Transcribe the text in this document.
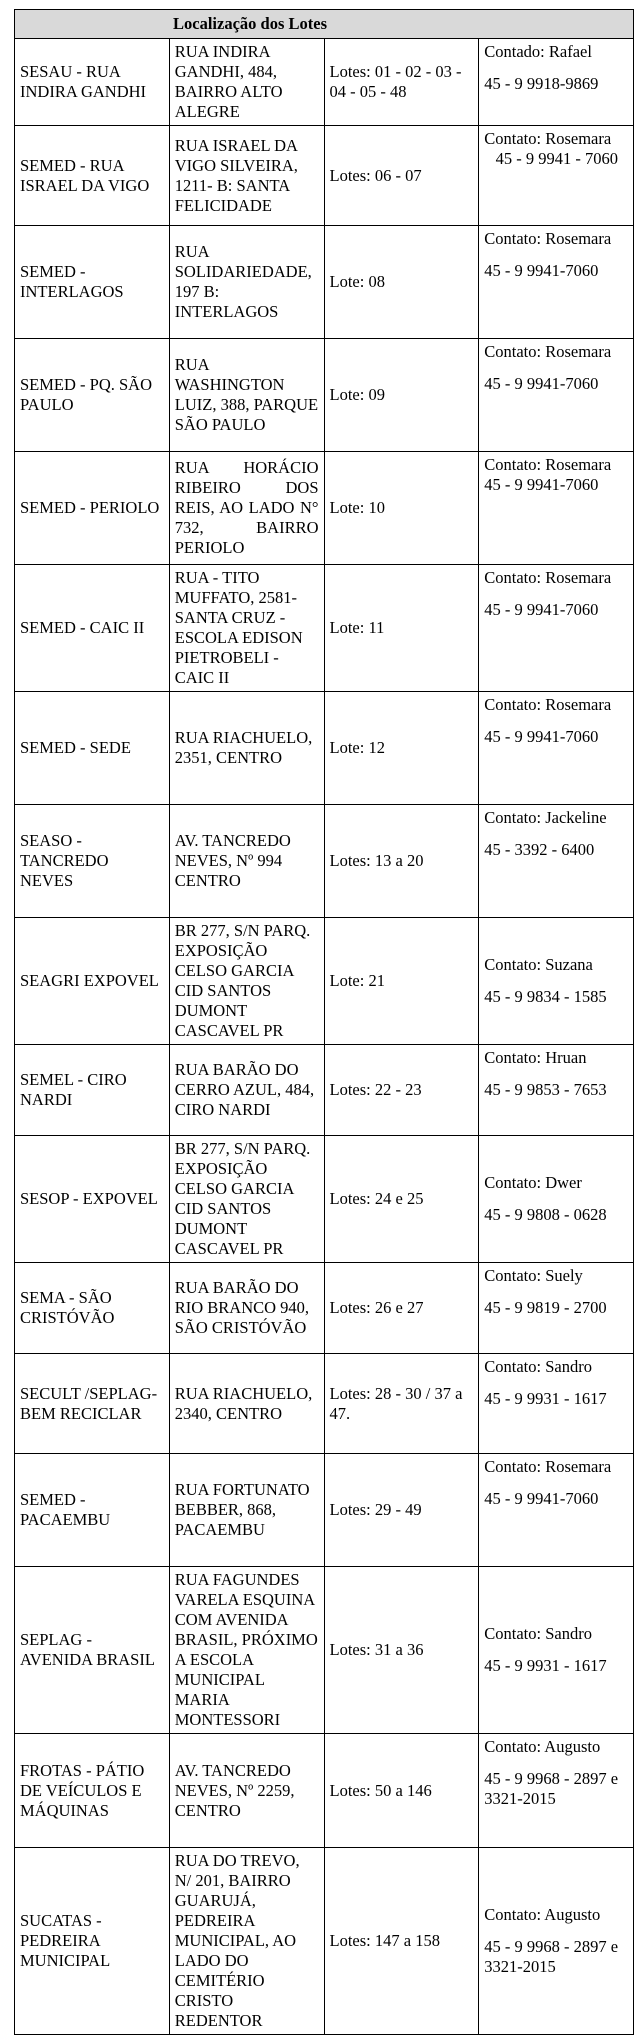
Localização dos Lotes			
SESAU - RUA INDIRA GANDHI	RUA INDIRA GANDHI, 484, BAIRRO ALTO ALEGRE	Lotes: 01 - 02 - 03 - 04 - 05 - 48	Contado: Rafael
45 - 9 9918-9869

SEMED - RUA ISRAEL DA VIGO	RUA ISRAEL DA VIGO SILVEIRA, 1211- B: SANTA FELICIDADE	Lotes: 06 - 07	Contato: Rosemara
45 - 9 9941 - 7060

SEMED - INTERLAGOS	RUA SOLIDARIEDADE, 197 B: INTERLAGOS	Lote: 08	Contato: Rosemara
45 - 9 9941-7060

SEMED - PQ. SÃO PAULO	RUA WASHINGTON LUIZ, 388, PARQUE SÃO PAULO	Lote: 09	Contato: Rosemara
45 - 9 9941-7060

SEMED - PERIOLO	RUA HORÁCIO RIBEIRO DOS REIS, AO LADO N° 732, BAIRRO PERIOLO	Lote: 10	Contato: Rosemara
45 - 9 9941-7060

SEMED - CAIC II	RUA - TITO MUFFATO, 2581- SANTA CRUZ - ESCOLA EDISON PIETROBELI - CAIC II	Lote: 11	Contato: Rosemara
45 - 9 9941-7060

SEMED - SEDE	RUA RIACHUELO, 2351, CENTRO	Lote: 12	Contato: Rosemara
45 - 9 9941-7060

SEASO - TANCREDO NEVES	AV. TANCREDO NEVES, Nº 994 CENTRO	Lotes: 13 a 20	Contato: Jackeline
45 - 3392 - 6400

SEAGRI EXPOVEL	BR 277, S/N PARQ. EXPOSIÇÃO CELSO GARCIA CID SANTOS DUMONT CASCAVEL PR	Lote: 21	Contato: Suzana
45 - 9 9834 - 1585

SEMEL - CIRO NARDI	RUA BARÃO DO CERRO AZUL, 484, CIRO NARDI	Lotes: 22 - 23	Contato: Hruan
45 - 9 9853 - 7653

SESOP - EXPOVEL	BR 277, S/N PARQ. EXPOSIÇÃO CELSO GARCIA CID SANTOS DUMONT CASCAVEL PR	Lotes: 24 e 25	Contato: Dwer
45 - 9 9808 - 0628

SEMA - SÃO CRISTÓVÃO	RUA BARÃO DO RIO BRANCO 940, SÃO CRISTÓVÃO	Lotes: 26 e 27	Contato: Suely
45 - 9 9819 - 2700

SECULT /SEPLAG- BEM RECICLAR	RUA RIACHUELO, 2340, CENTRO	Lotes: 28 - 30 / 37 a 47.	Contato: Sandro
45 - 9 9931 - 1617

SEMED - PACAEMBU	RUA FORTUNATO BEBBER, 868, PACAEMBU	Lotes: 29 - 49	Contato: Rosemara
45 - 9 9941-7060

SEPLAG - AVENIDA BRASIL	RUA FAGUNDES VARELA ESQUINA COM AVENIDA BRASIL, PRÓXIMO A ESCOLA MUNICIPAL MARIA MONTESSORI	Lotes: 31 a 36	Contato: Sandro
45 - 9 9931 - 1617

FROTAS - PÁTIO DE VEÍCULOS E MÁQUINAS	AV. TANCREDO NEVES, Nº 2259, CENTRO	Lotes: 50 a 146	Contato: Augusto
45 - 9 9968 - 2897 e 3321-2015

SUCATAS - PEDREIRA MUNICIPAL	RUA DO TREVO, N/ 201, BAIRRO GUARUJÁ, PEDREIRA MUNICIPAL, AO LADO DO CEMITÉRIO CRISTO REDENTOR	Lotes: 147 a 158	Contato: Augusto
45 - 9 9968 - 2897 e 3321-2015
